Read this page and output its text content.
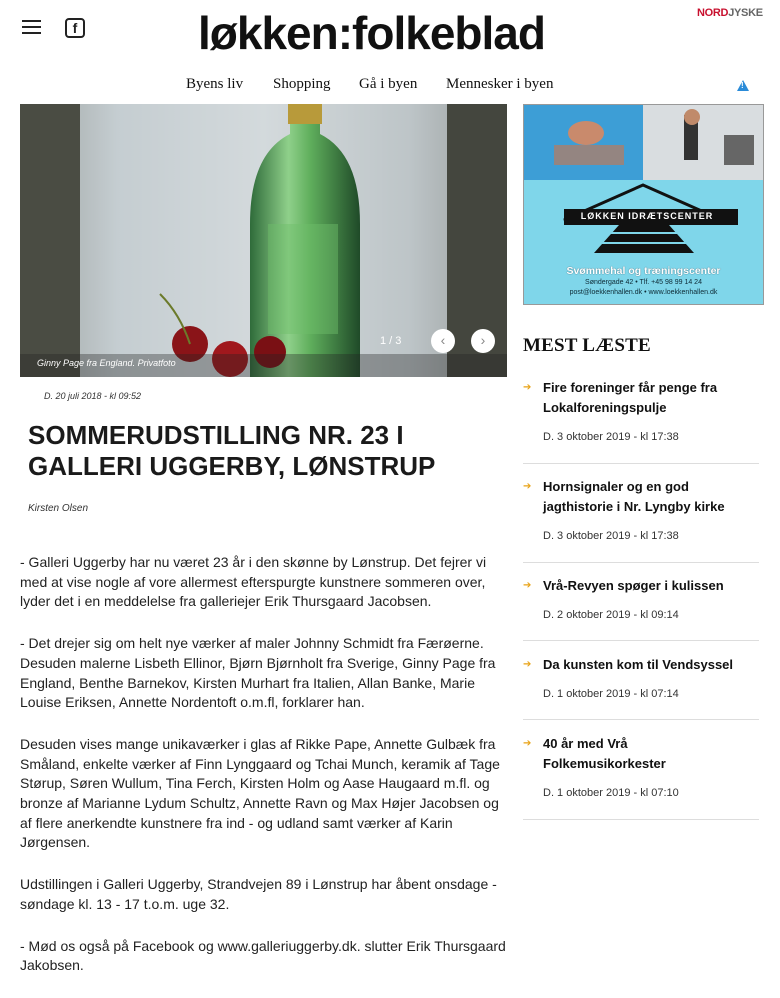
f	løkken:folkeblad	NORDJYSKE
Byens liv Shopping Gå i byen Mennesker i byen
!
Ginny Page fra England. Privatfoto
1 / 3	‹	›
D. 20 juli 2018 - kl 09:52
SOMMERUDSTILLING NR. 23 I GALLERI UGGERBY, LØNSTRUP
Kirsten Olsen

- Galleri Uggerby har nu været 23 år i den skønne by Lønstrup. Det fejrer vi med at vise nogle af vore allermest efterspurgte kunstnere sommeren over, lyder det i en meddelelse fra galleriejer Erik Thursgaard Jacobsen.

- Det drejer sig om helt nye værker af maler Johnny Schmidt fra Færøerne. Desuden malerne Lisbeth Ellinor, Bjørn Bjørnholt fra Sverige, Ginny Page fra England, Benthe Barnekov, Kirsten Murhart fra Italien, Allan Banke, Marie Louise Eriksen, Annette Nordentoft o.m.fl, forklarer han.

Desuden vises mange unikaværker i glas af Rikke Pape, Annette Gulbæk fra Småland, enkelte værker af Finn Lynggaard og Tchai Munch, keramik af Tage Størup, Søren Wullum, Tina Ferch, Kirsten Holm og Aase Haugaard m.fl. og bronze af Marianne Lydum Schultz, Annette Ravn og Max Højer Jacobsen og af flere anerkendte kunstnere fra ind - og udland samt værker af Karin Jørgensen.

Udstillingen i Galleri Uggerby, Strandvejen 89 i Lønstrup har åbent onsdage - søndage kl. 13 - 17 t.o.m. uge 32.

- Mød os også på Facebook og www.galleriuggerby.dk. slutter Erik Thursgaard Jakobsen.

LØKKEN IDRÆTSCENTER
Svømmehal og træningscenter
Søndergade 42 • Tlf. +45 98 99 14 24
post@loekkenhallen.dk • www.loekkenhallen.dk
MEST LÆSTE
➔ Fire foreninger får penge fra Lokalforeningspulje
D. 3 oktober 2019 - kl 17:38
➔ Hornsignaler og en god jagthistorie i Nr. Lyngby kirke
D. 3 oktober 2019 - kl 17:38
➔ Vrå-Revyen spøger i kulissen
D. 2 oktober 2019 - kl 09:14
➔ Da kunsten kom til Vendsyssel
D. 1 oktober 2019 - kl 07:14
➔ 40 år med Vrå Folkemusikorkester
D. 1 oktober 2019 - kl 07:10
